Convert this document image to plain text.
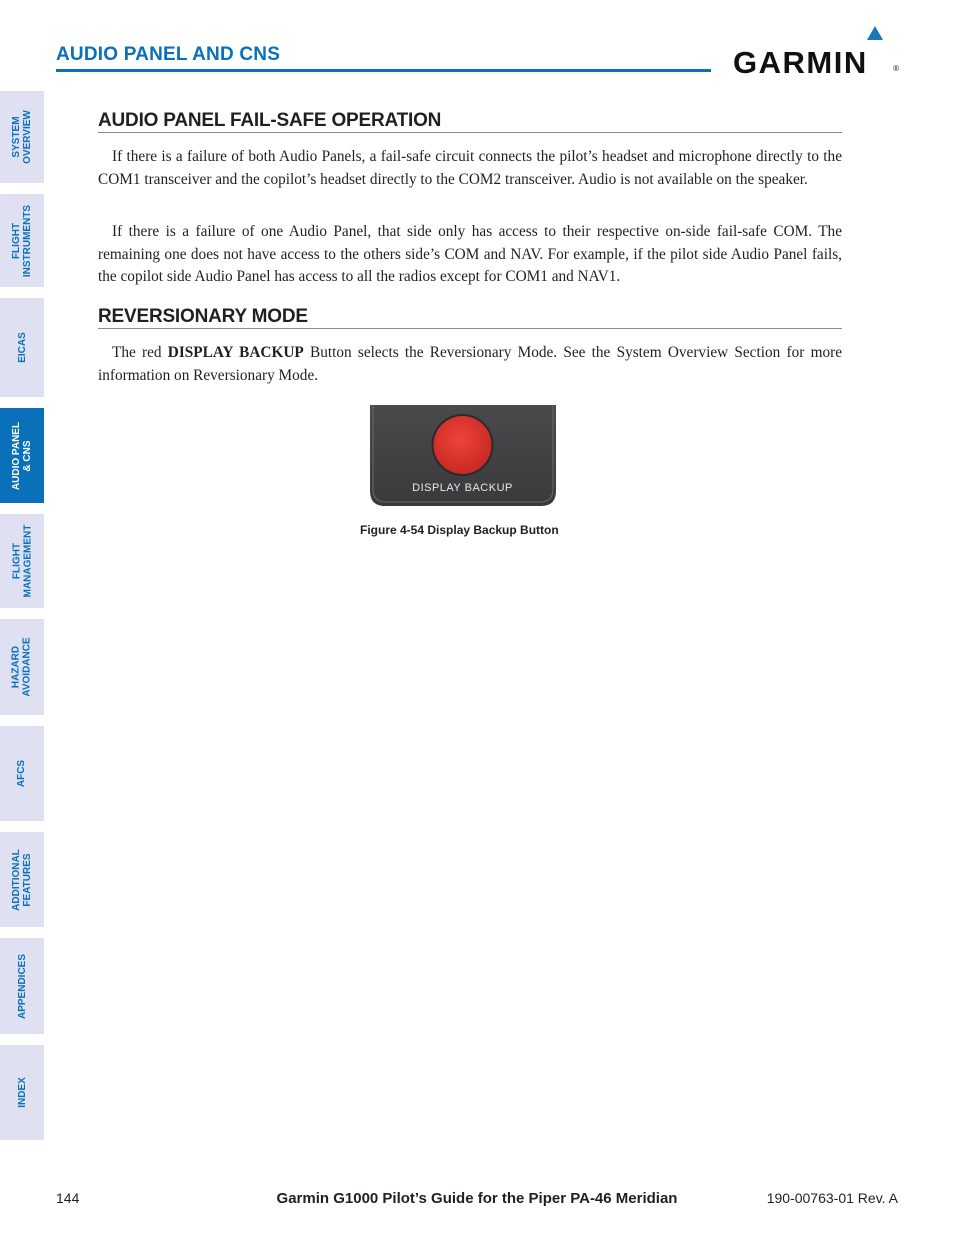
AUDIO PANEL AND CNS	GARMIN	®
SYSTEM
OVERVIEW
FLIGHT
INSTRUMENTS
EICAS
AUDIO PANEL
& CNS
FLIGHT
MANAGEMENT
HAZARD
AVOIDANCE
AFCS
ADDITIONAL
FEATURES
APPENDICES
INDEX
AUDIO PANEL FAIL-SAFE OPERATION

If there is a failure of both Audio Panels, a fail-safe circuit connects the pilot’s headset and microphone directly to the COM1 transceiver and the copilot’s headset directly to the COM2 transceiver. Audio is not available on the speaker.

If there is a failure of one Audio Panel, that side only has access to their respective on-side fail-safe COM. The remaining one does not have access to the others side’s COM and NAV. For example, if the pilot side Audio Panel fails, the copilot side Audio Panel has access to all the radios except for COM1 and NAV1.

REVERSIONARY MODE

The red DISPLAY BACKUP Button selects the Reversionary Mode. See the System Overview Section for more information on Reversionary Mode.

DISPLAY BACKUP
Figure 4-54 Display Backup Button
144	Garmin G1000 Pilot’s Guide for the Piper PA-46 Meridian	190-00763-01 Rev. A
